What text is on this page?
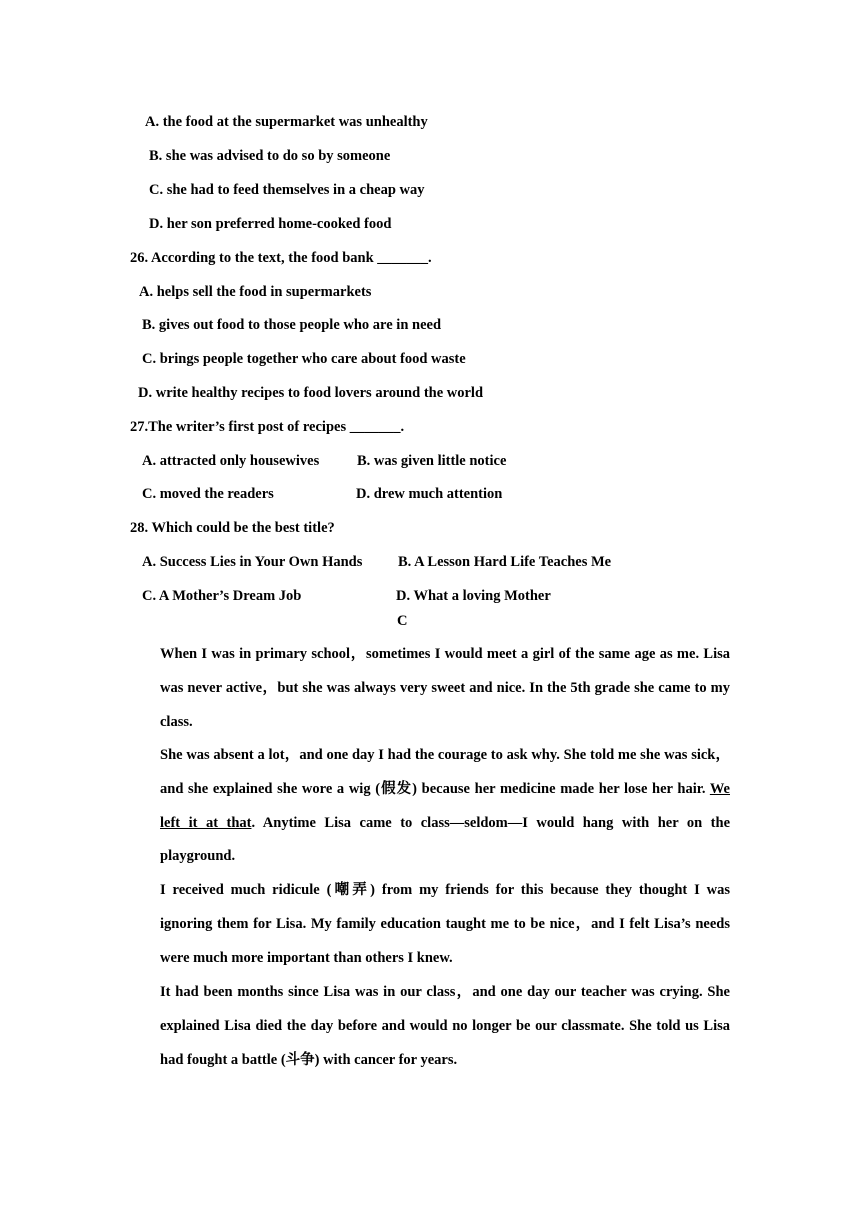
A. the food at the supermarket was unhealthy
B. she was advised to do so by someone
C. she had to feed themselves in a cheap way
D. her son preferred home-cooked food
26. According to the text, the food bank _______.
A. helps sell the food in supermarkets
B. gives out food to those people who are in need
C. brings people together who care about food waste
D. write healthy recipes to food lovers around the world
27.The writer’s first post of recipes _______.
A. attracted only housewives	B. was given little notice
C. moved the readers	D. drew much attention
28. Which could be the best title?
A. Success Lies in Your Own Hands B. A Lesson Hard Life Teaches Me
C. A Mother’s Dream Job	D. What a loving Mother
C
When I was in primary school，sometimes I would meet a girl of the same age as me. Lisa was never active，but she was always very sweet and nice. In the 5th grade she came to my class.
She was absent a lot，and one day I had the courage to ask why. She told me she was sick，and she explained she wore a wig (假发) because her medicine made her lose her hair. We left it at that. Anytime Lisa came to class—seldom—I would hang with her on the playground.
I received much ridicule (嘲弄) from my friends for this because they thought I was ignoring them for Lisa. My family education taught me to be nice，and I felt Lisa’s needs were much more important than others I knew.
It had been months since Lisa was in our class，and one day our teacher was crying. She explained Lisa died the day before and would no longer be our classmate. She told us Lisa had fought a battle (斗争) with cancer for years.
